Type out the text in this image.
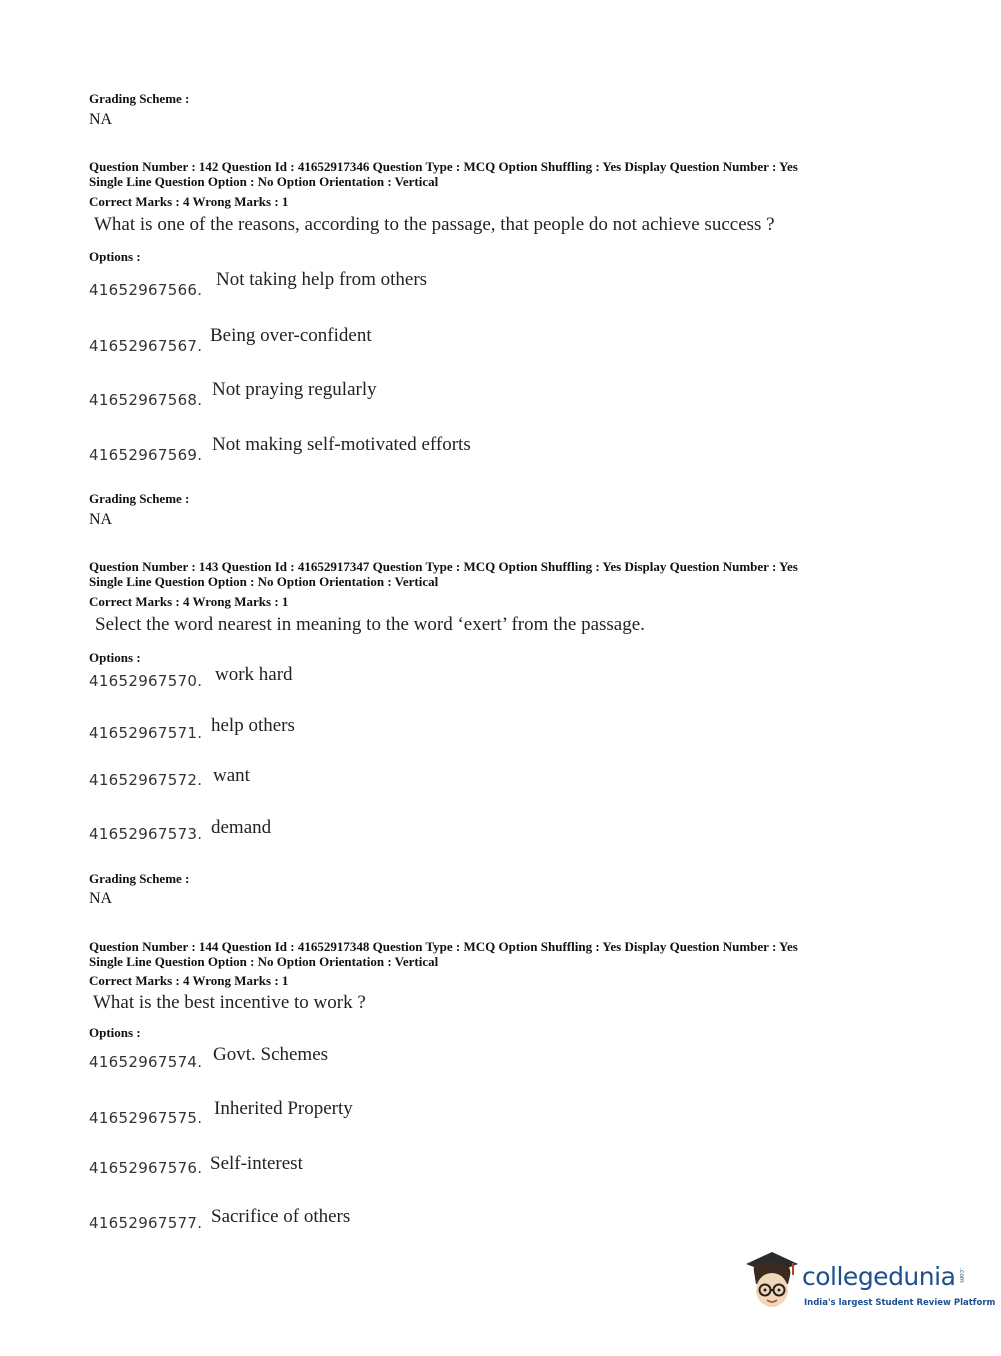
Grading Scheme :
NA
Question Number : 142 Question Id : 41652917346 Question Type : MCQ Option Shuffling : Yes Display Question Number : Yes
Single Line Question Option : No Option Orientation : Vertical
Correct Marks : 4 Wrong Marks : 1
What is one of the reasons, according to the passage, that people do not achieve success ?
Options :
41652967566. Not taking help from others
41652967567. Being over-confident
41652967568. Not praying regularly
41652967569. Not making self-motivated efforts
Grading Scheme :
NA
Question Number : 143 Question Id : 41652917347 Question Type : MCQ Option Shuffling : Yes Display Question Number : Yes
Single Line Question Option : No Option Orientation : Vertical
Correct Marks : 4 Wrong Marks : 1
Select the word nearest in meaning to the word ‘exert’ from the passage.
Options :
41652967570. work hard
41652967571. help others
41652967572. want
41652967573. demand
Grading Scheme :
NA
Question Number : 144 Question Id : 41652917348 Question Type : MCQ Option Shuffling : Yes Display Question Number : Yes
Single Line Question Option : No Option Orientation : Vertical
Correct Marks : 4 Wrong Marks : 1
What is the best incentive to work ?
Options :
41652967574. Govt. Schemes
41652967575. Inherited Property
41652967576. Self-interest
41652967577. Sacrifice of others
collegedunia .com
India's largest Student Review Platform
